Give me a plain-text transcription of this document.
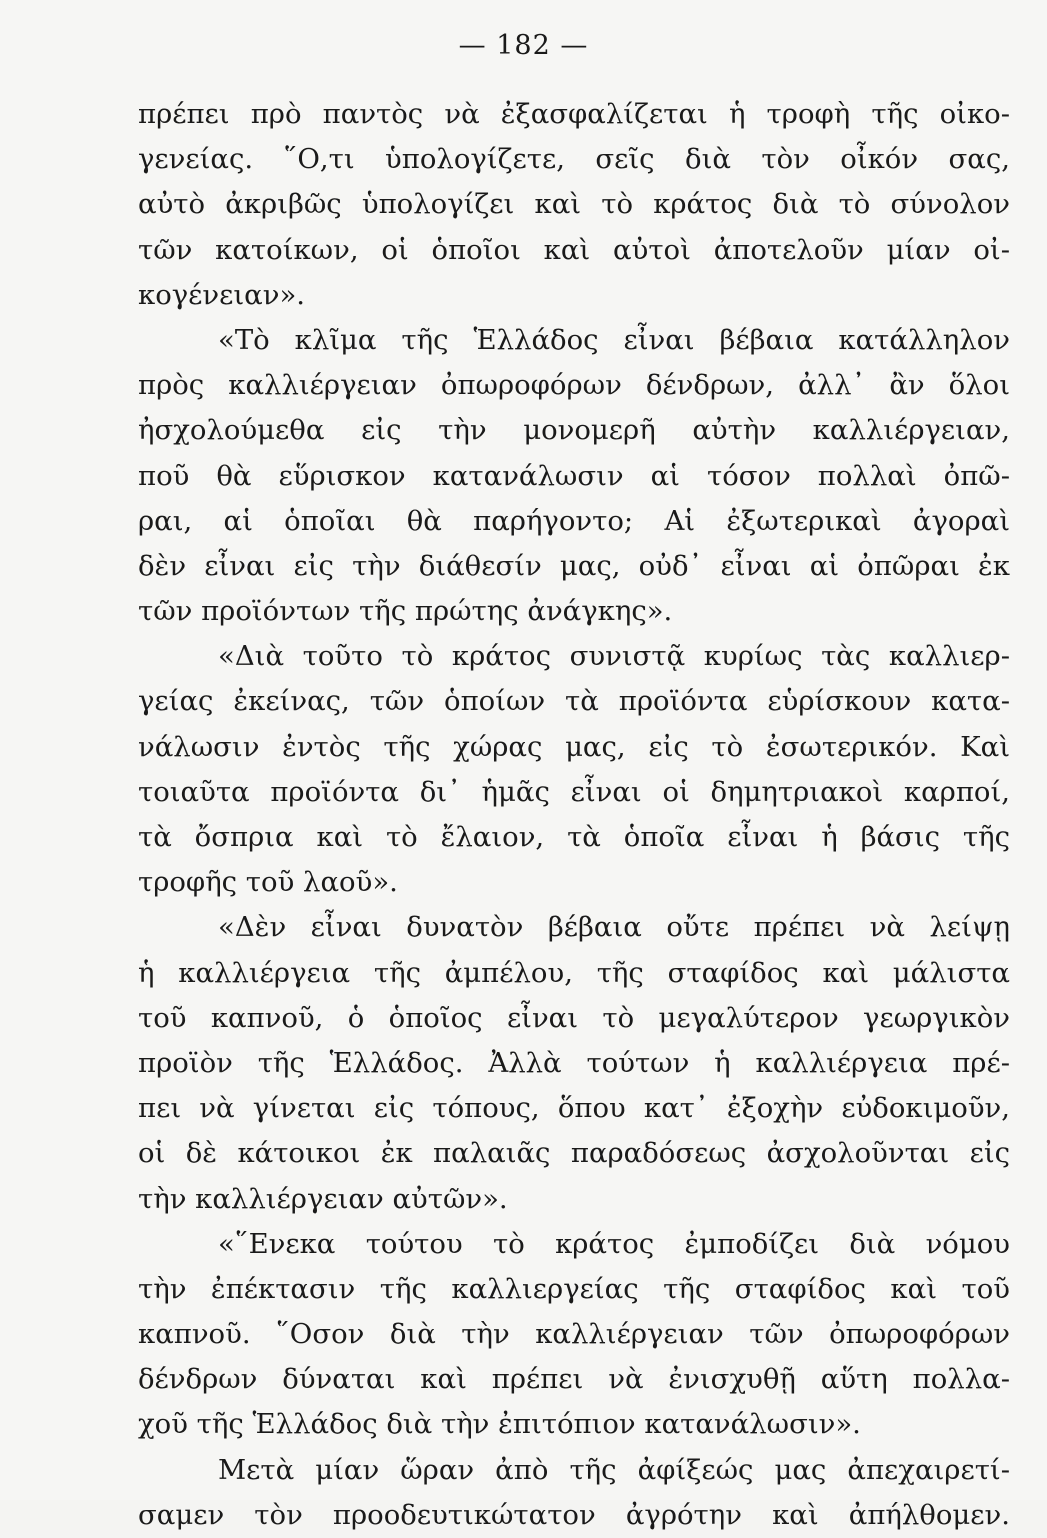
— 182 —
πρέπει πρὸ παντὸς νὰ ἐξασφαλίζεται ἡ τροφὴ τῆς οἰκο-
γενείας. ῞Ο,τι ὑπολογίζετε, σεῖς διὰ τὸν οἶκόν σας,
αὐτὸ ἀκριβῶς ὑπολογίζει καὶ τὸ κράτος διὰ τὸ σύνολον
τῶν κατοίκων, οἱ ὁποῖοι καὶ αὐτοὶ ἀποτελοῦν μίαν οἰ-
κογένειαν».
«Τὸ κλῖμα τῆς Ἑλλάδος εἶναι βέβαια κατάλληλον
πρὸς καλλιέργειαν ὀπωροφόρων δένδρων, ἀλλ᾿ ἂν ὅλοι
ἠσχολούμεθα εἰς τὴν μονομερῆ αὐτὴν καλλιέργειαν,
ποῦ θὰ εὕρισκον κατανάλωσιν αἱ τόσον πολλαὶ ὀπῶ-
ραι, αἱ ὁποῖαι θὰ παρήγοντο; Αἱ ἐξωτερικαὶ ἀγοραὶ
δὲν εἶναι εἰς τὴν διάθεσίν μας, οὐδ᾿ εἶναι αἱ ὀπῶραι ἐκ
τῶν προϊόντων τῆς πρώτης ἀνάγκης».
«Διὰ τοῦτο τὸ κράτος συνιστᾷ κυρίως τὰς καλλιερ-
γείας ἐκείνας, τῶν ὁποίων τὰ προϊόντα εὑρίσκουν κατα-
νάλωσιν ἐντὸς τῆς χώρας μας, εἰς τὸ ἐσωτερικόν. Καὶ
τοιαῦτα προϊόντα δι᾿ ἡμᾶς εἶναι οἱ δημητριακοὶ καρποί,
τὰ ὄσπρια καὶ τὸ ἔλαιον, τὰ ὁποῖα εἶναι ἡ βάσις τῆς
τροφῆς τοῦ λαοῦ».
«Δὲν εἶναι δυνατὸν βέβαια οὔτε πρέπει νὰ λείψῃ
ἡ καλλιέργεια τῆς ἀμπέλου, τῆς σταφίδος καὶ μάλιστα
τοῦ καπνοῦ, ὁ ὁποῖος εἶναι τὸ μεγαλύτερον γεωργικὸν
προϊὸν τῆς Ἑλλάδος. Ἀλλὰ τούτων ἡ καλλιέργεια πρέ-
πει νὰ γίνεται εἰς τόπους, ὅπου κατ᾿ ἐξοχὴν εὐδοκιμοῦν,
οἱ δὲ κάτοικοι ἐκ παλαιᾶς παραδόσεως ἀσχολοῦνται εἰς
τὴν καλλιέργειαν αὐτῶν».
«῞Ενεκα τούτου τὸ κράτος ἐμποδίζει διὰ νόμου
τὴν ἐπέκτασιν τῆς καλλιεργείας τῆς σταφίδος καὶ τοῦ
καπνοῦ. ῞Οσον διὰ τὴν καλλιέργειαν τῶν ὀπωροφόρων
δένδρων δύναται καὶ πρέπει νὰ ἐνισχυθῇ αὕτη πολλα-
χοῦ τῆς Ἑλλάδος διὰ τὴν ἐπιτόπιον κατανάλωσιν».
Μετὰ μίαν ὥραν ἀπὸ τῆς ἀφίξεώς μας ἀπεχαιρετί-
σαμεν τὸν προοδευτικώτατον ἀγρότην καὶ ἀπήλθομεν.
